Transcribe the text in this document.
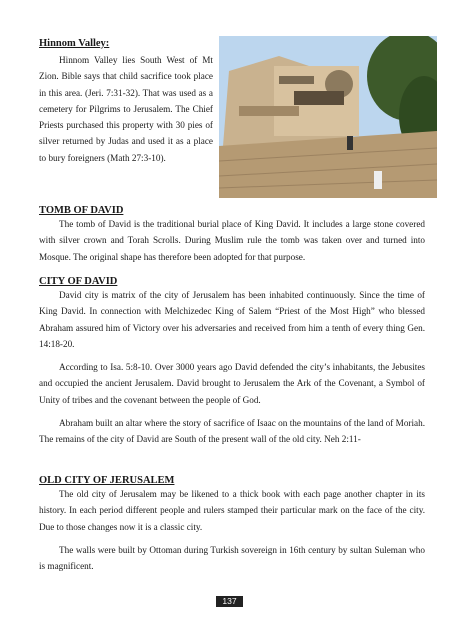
Hinnom Valley:

Hinnom Valley lies South West of Mt Zion. Bible says that child sacrifice took place in this area. (Jeri. 7:31-32). That was used as a cemetery for Pilgrims to Jerusalem. The Chief Priests purchased this property with 30 pies of silver returned by Judas and used it as a place to bury foreigners (Math 27:3-10).

TOMB OF DAVID

The tomb of David is the traditional burial place of King David. It includes a large stone covered with silver crown and Torah Scrolls. During Muslim rule the tomb was taken over and turned into Mosque. The original shape has therefore been adopted for that purpose.

CITY OF DAVID

David city is matrix of the city of Jerusalem has been inhabited continuously. Since the time of King David. In connection with Melchizedec King of Salem “Priest of the Most High” who blessed Abraham assured him of Victory over his adversaries and received from him a tenth of every thing Gen. 14:18-20.

According to Isa. 5:8-10. Over 3000 years ago David defended the city’s inhabitants, the Jebusites and occupied the ancient Jerusalem. David brought to Jerusalem the Ark of the Covenant, a Symbol of Unity of tribes and the covenant between the people of God.

Abraham built an altar where the story of sacrifice of Isaac on the mountains of the land of Moriah. The remains of the city of David are South of the present wall of the old city. Neh 2:11-

OLD CITY OF JERUSALEM

The old city of Jerusalem may be likened to a thick book with each page another chapter in its history. In each period different people and rulers stamped their particular mark on the face of the city. Due to those changes now it is a classic city.

The walls were built by Ottoman during Turkish sovereign in 16th century by sultan Suleman who is magnificent.

137
